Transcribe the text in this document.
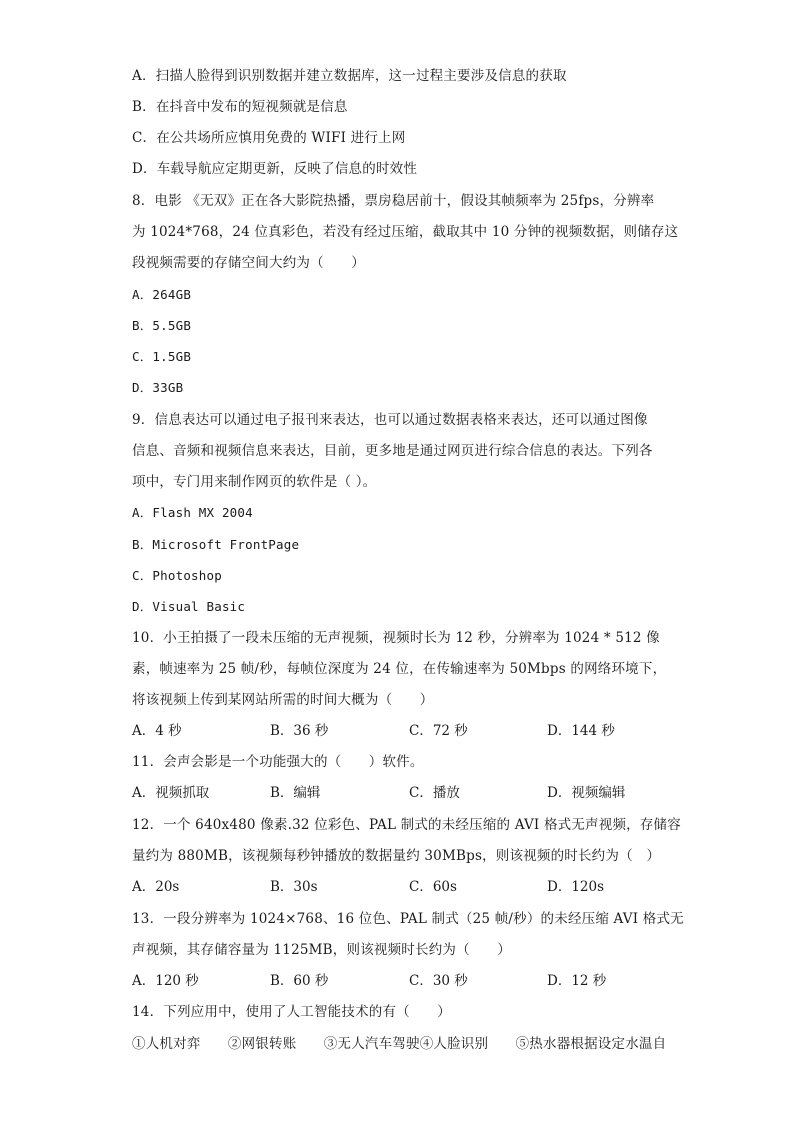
A．扫描人脸得到识别数据并建立数据库，这一过程主要涉及信息的获取
B．在抖音中发布的短视频就是信息
C．在公共场所应慎用免费的 WIFI 进行上网
D．车载导航应定期更新，反映了信息的时效性
8．电影 《无双》正在各大影院热播，票房稳居前十，假设其帧频率为 25fps，分辨率
为 1024*768，24 位真彩色，若没有经过压缩，截取其中 10 分钟的视频数据，则储存这
段视频需要的存储空间大约为（　　）
A．264GB
B．5.5GB
C．1.5GB
D．33GB
9．信息表达可以通过电子报刊来表达，也可以通过数据表格来表达，还可以通过图像
信息、音频和视频信息来表达，目前，更多地是通过网页进行综合信息的表达。下列各
项中，专门用来制作网页的软件是（ ）。
A．Flash MX 2004
B．Microsoft FrontPage
C．Photoshop
D．Visual Basic
10．小王拍摄了一段未压缩的无声视频，视频时长为 12 秒，分辨率为 1024 * 512 像
素，帧速率为 25 帧/秒，每帧位深度为 24 位，在传输速率为 50Mbps 的网络环境下，
将该视频上传到某网站所需的时间大概为（　　）
A．4 秒	B．36 秒	C．72 秒	D．144 秒
11．会声会影是一个功能强大的（　　）软件。
A．视频抓取	B．编辑	C．播放	D．视频编辑
12．一个 640x480 像素.32 位彩色、PAL 制式的未经压缩的 AVI 格式无声视频，存储容
量约为 880MB，该视频每秒钟播放的数据量约 30MBps，则该视频的时长约为（　）
A．20s	B．30s	C．60s	D．120s
13．一段分辨率为 1024×768、16 位色、PAL 制式（25 帧/秒）的未经压缩 AVI 格式无
声视频，其存储容量为 1125MB，则该视频时长约为（　　）
A．120 秒	B．60 秒	C．30 秒	D．12 秒
14．下列应用中，使用了人工智能技术的有（　　）
①人机对弈　　②网银转账　　③无人汽车驾驶④人脸识别　　⑤热水器根据设定水温自
